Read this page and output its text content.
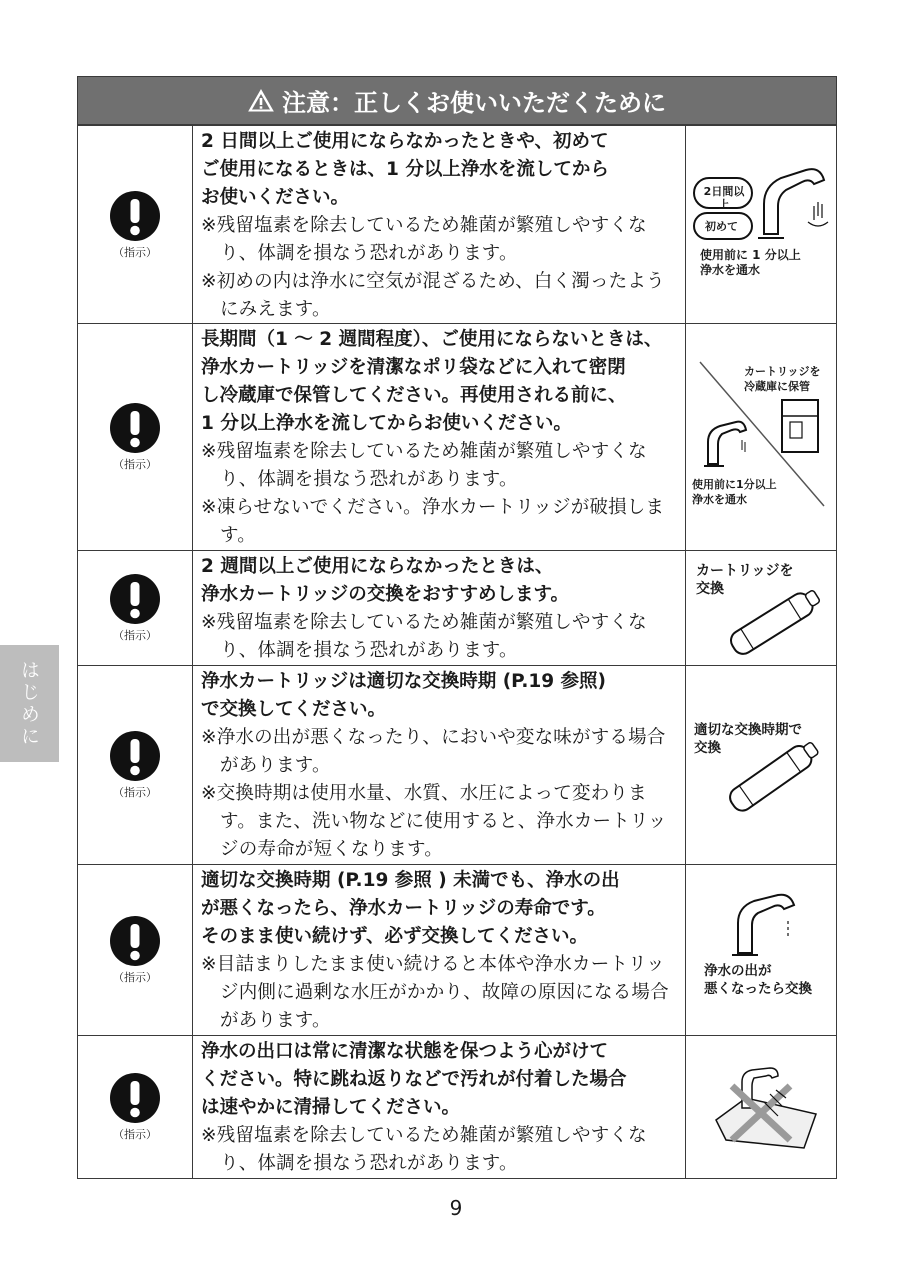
はじめに
注意：正しくお使いいただくために
（指示）
2 日間以上ご使用にならなかったときや、初めて
ご使用になるときは、1 分以上浄水を流してから
お使いください。
※残留塩素を除去しているため雑菌が繁殖しやすくなり、体調を損なう恐れがあります。
※初めの内は浄水に空気が混ざるため、白く濁ったようにみえます。
2日間以上
初めて
使用前に 1 分以上
浄水を通水
（指示）
長期間（1 〜 2 週間程度）、ご使用にならないときは、
浄水カートリッジを清潔なポリ袋などに入れて密閉
し冷蔵庫で保管してください。再使用される前に、
1 分以上浄水を流してからお使いください。
※残留塩素を除去しているため雑菌が繁殖しやすくなり、体調を損なう恐れがあります。
※凍らせないでください。浄水カートリッジが破損します。
カートリッジを
冷蔵庫に保管
使用前に1分以上
浄水を通水
（指示）
2 週間以上ご使用にならなかったときは、
浄水カートリッジの交換をおすすめします。
※残留塩素を除去しているため雑菌が繁殖しやすくなり、体調を損なう恐れがあります。
カートリッジを
交換
（指示）
浄水カートリッジは適切な交換時期 (P.19 参照)
で交換してください。
※浄水の出が悪くなったり、においや変な味がする場合があります。
※交換時期は使用水量、水質、水圧によって変わります。また、洗い物などに使用すると、浄水カートリッジの寿命が短くなります。
適切な交換時期で
交換
（指示）
適切な交換時期 (P.19 参照 ) 未満でも、浄水の出
が悪くなったら、浄水カートリッジの寿命です。
そのまま使い続けず、必ず交換してください。
※目詰まりしたまま使い続けると本体や浄水カートリッジ内側に過剰な水圧がかかり、故障の原因になる場合があります。
浄水の出が
悪くなったら交換
（指示）
浄水の出口は常に清潔な状態を保つよう心がけて
ください。特に跳ね返りなどで汚れが付着した場合
は速やかに清掃してください。
※残留塩素を除去しているため雑菌が繁殖しやすくなり、体調を損なう恐れがあります。
9
